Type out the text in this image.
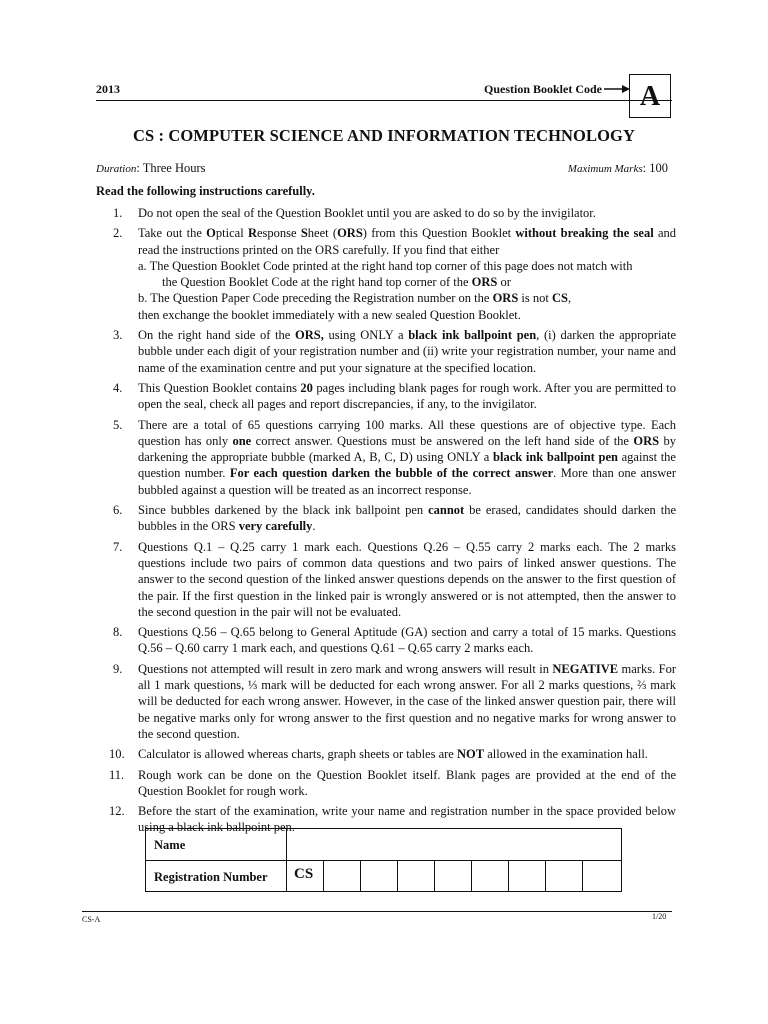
2013	Question Booklet Code	A
CS : COMPUTER SCIENCE AND INFORMATION TECHNOLOGY
Duration: Three Hours	Maximum Marks: 100
Read the following instructions carefully.
1. Do not open the seal of the Question Booklet until you are asked to do so by the invigilator.
2. Take out the Optical Response Sheet (ORS) from this Question Booklet without breaking the seal and read the instructions printed on the ORS carefully. If you find that either
a. The Question Booklet Code printed at the right hand top corner of this page does not match with
the Question Booklet Code at the right hand top corner of the ORS or
b. The Question Paper Code preceding the Registration number on the ORS is not CS,
then exchange the booklet immediately with a new sealed Question Booklet.
3. On the right hand side of the ORS, using ONLY a black ink ballpoint pen, (i) darken the appropriate bubble under each digit of your registration number and (ii) write your registration number, your name and name of the examination centre and put your signature at the specified location.
4. This Question Booklet contains 20 pages including blank pages for rough work. After you are permitted to open the seal, check all pages and report discrepancies, if any, to the invigilator.
5. There are a total of 65 questions carrying 100 marks. All these questions are of objective type. Each question has only one correct answer. Questions must be answered on the left hand side of the ORS by darkening the appropriate bubble (marked A, B, C, D) using ONLY a black ink ballpoint pen against the question number. For each question darken the bubble of the correct answer. More than one answer bubbled against a question will be treated as an incorrect response.
6. Since bubbles darkened by the black ink ballpoint pen cannot be erased, candidates should darken the bubbles in the ORS very carefully.
7. Questions Q.1 – Q.25 carry 1 mark each. Questions Q.26 – Q.55 carry 2 marks each. The 2 marks questions include two pairs of common data questions and two pairs of linked answer questions. The answer to the second question of the linked answer questions depends on the answer to the first question of the pair. If the first question in the linked pair is wrongly answered or is not attempted, then the answer to the second question in the pair will not be evaluated.
8. Questions Q.56 – Q.65 belong to General Aptitude (GA) section and carry a total of 15 marks. Questions Q.56 – Q.60 carry 1 mark each, and questions Q.61 – Q.65 carry 2 marks each.
9. Questions not attempted will result in zero mark and wrong answers will result in NEGATIVE marks. For all 1 mark questions, ⅓ mark will be deducted for each wrong answer. For all 2 marks questions, ⅔ mark will be deducted for each wrong answer. However, in the case of the linked answer question pair, there will be negative marks only for wrong answer to the first question and no negative marks for wrong answer to the second question.
10. Calculator is allowed whereas charts, graph sheets or tables are NOT allowed in the examination hall.
11. Rough work can be done on the Question Booklet itself. Blank pages are provided at the end of the Question Booklet for rough work.
12. Before the start of the examination, write your name and registration number in the space provided below using a black ink ballpoint pen.
Name
Registration Number CS
CS-A	1/20
